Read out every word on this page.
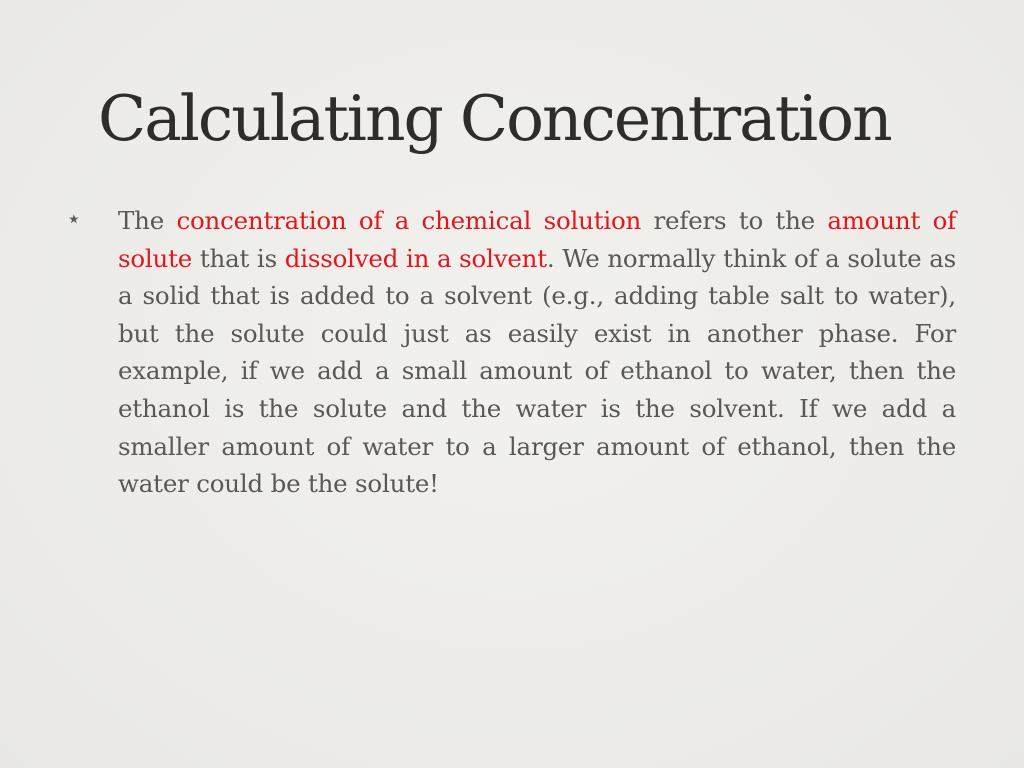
Calculating Concentration
⋆ The concentration of a chemical solution refers to the amount of solute that is dissolved in a solvent. We normally think of a solute as a solid that is added to a solvent (e.g., adding table salt to water), but the solute could just as easily exist in another phase. For example, if we add a small amount of ethanol to water, then the ethanol is the solute and the water is the solvent. If we add a smaller amount of water to a larger amount of ethanol, then the water could be the solute!
